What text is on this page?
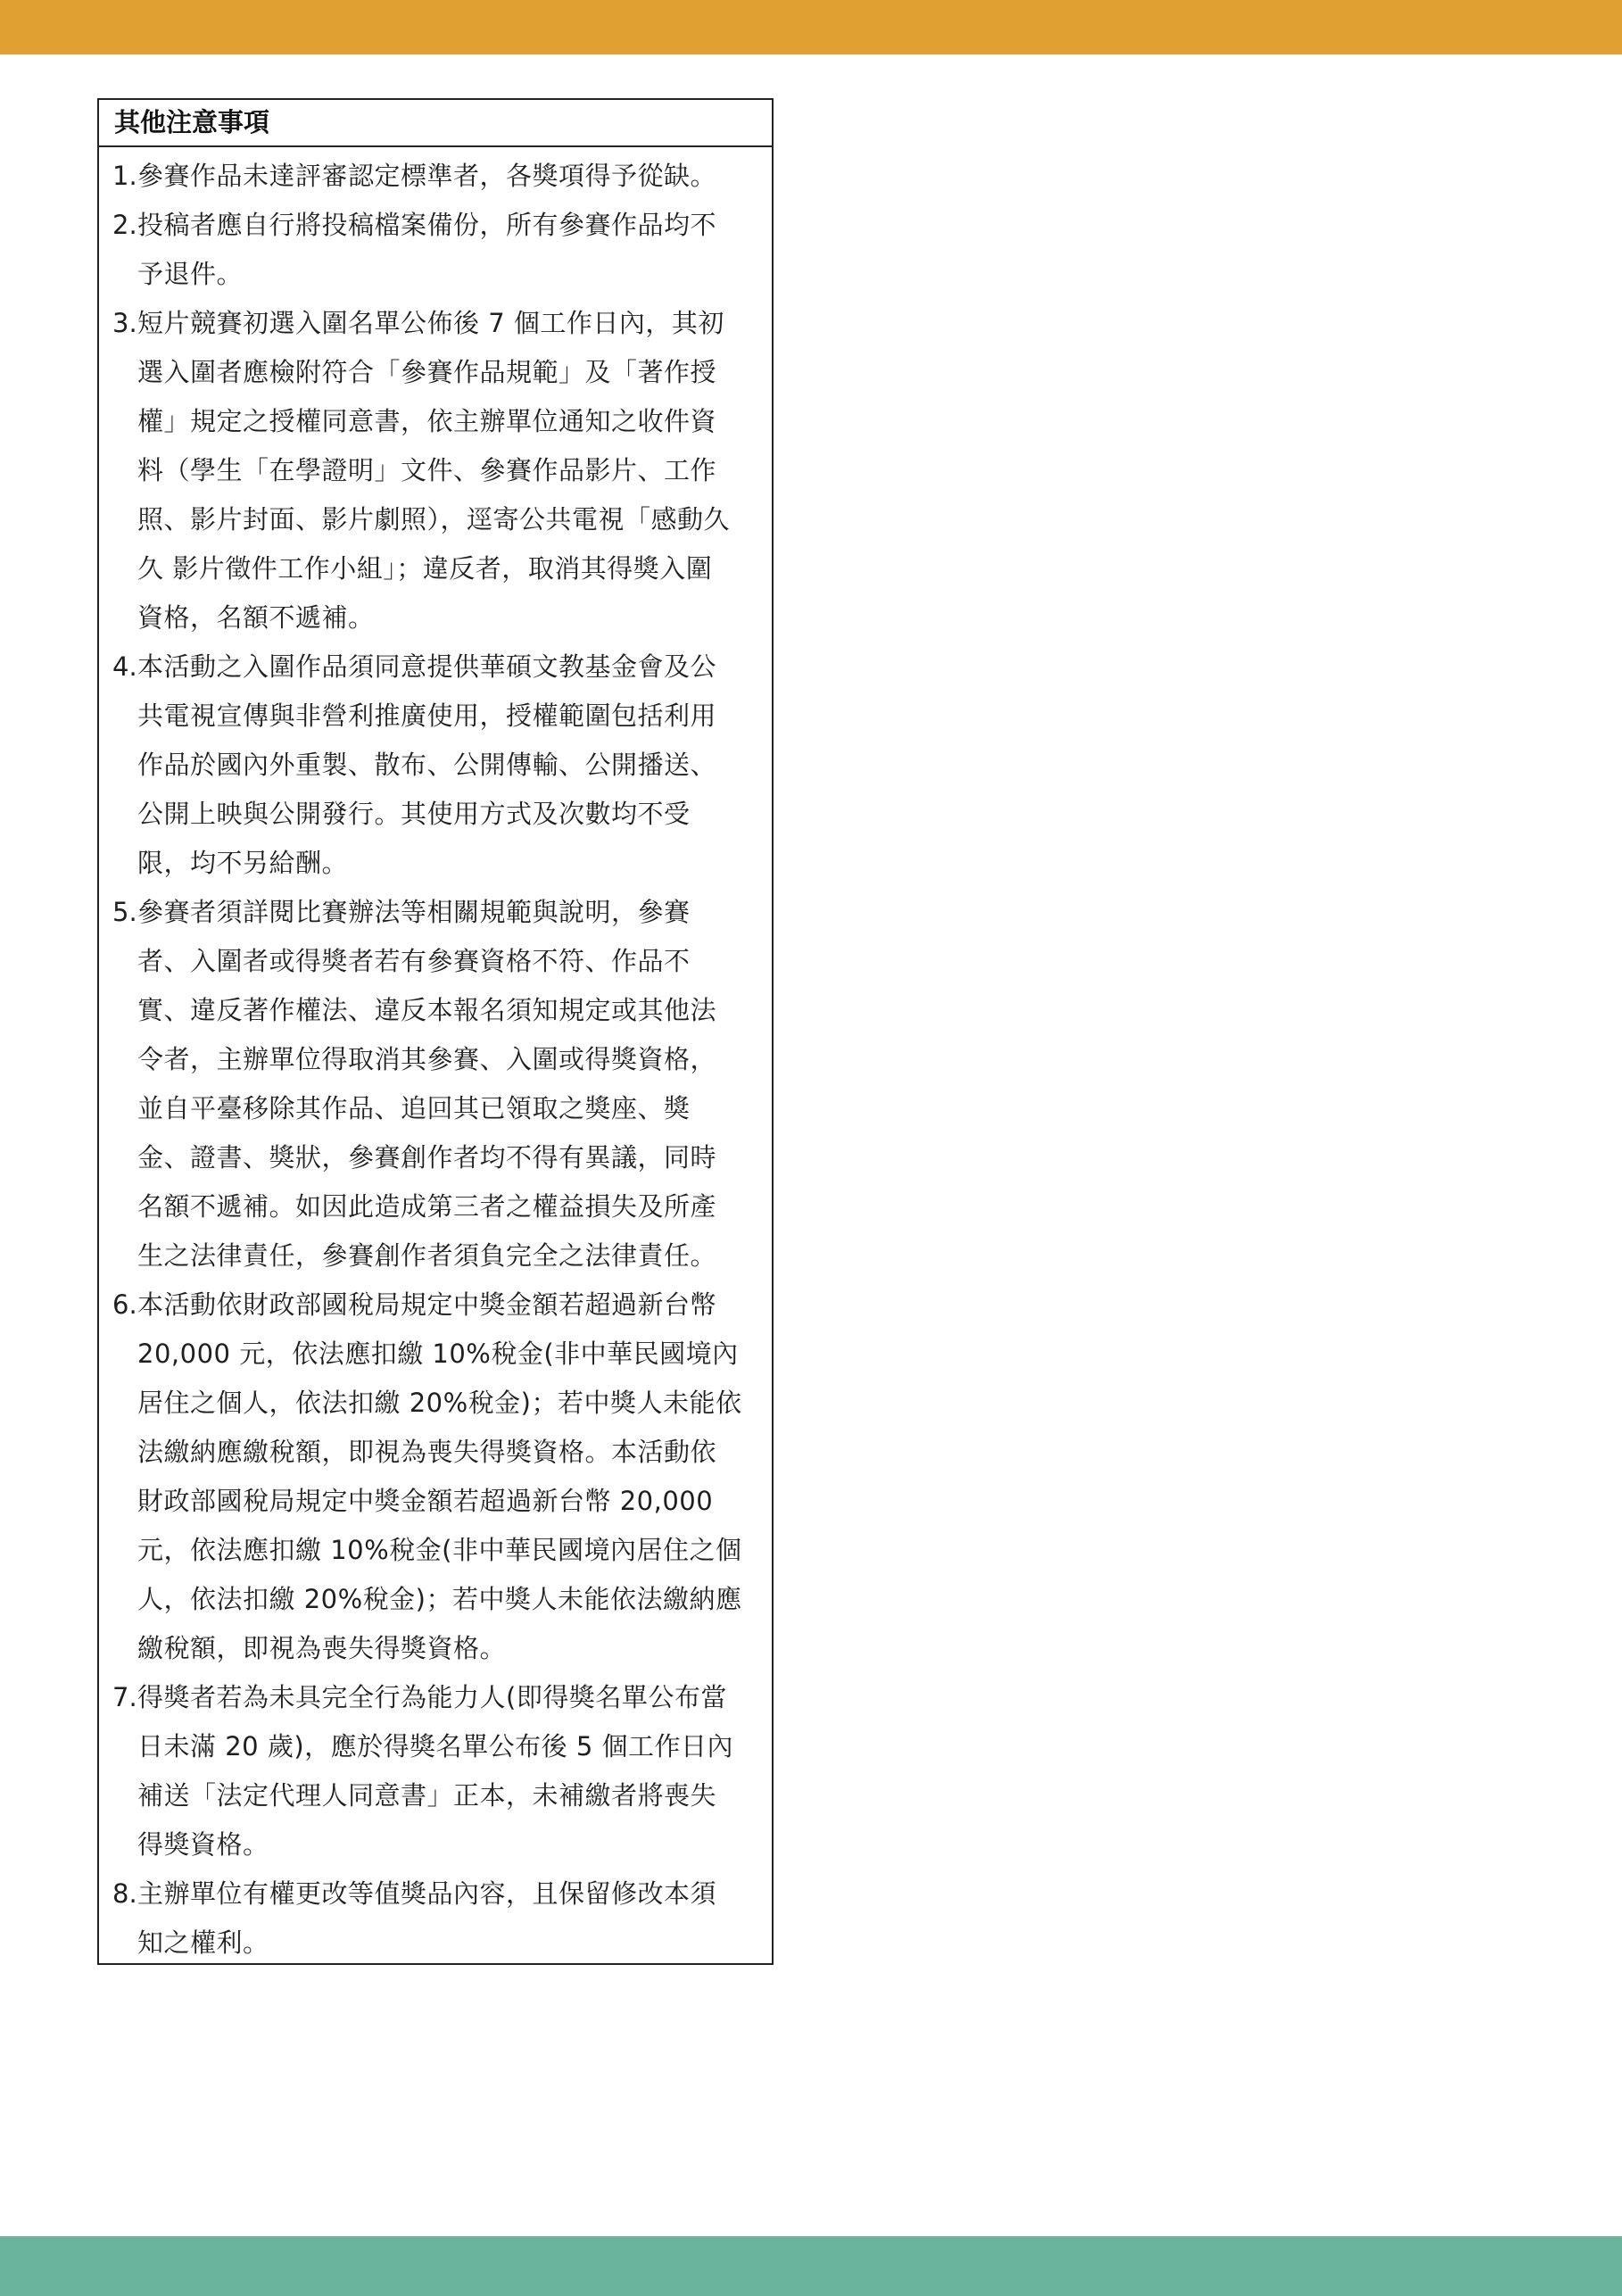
其他注意事項
1. 參賽作品未達評審認定標準者，各獎項得予從缺。
2. 投稿者應自行將投稿檔案備份，所有參賽作品均不
予退件。
3. 短片競賽初選入圍名單公佈後 7 個工作日內，其初
選入圍者應檢附符合「參賽作品規範」及「著作授
權」規定之授權同意書，依主辦單位通知之收件資
料（學生「在學證明」文件、參賽作品影片、工作
照、影片封面、影片劇照），逕寄公共電視「感動久
久 影片徵件工作小組」；違反者，取消其得獎入圍
資格，名額不遞補。
4. 本活動之入圍作品須同意提供華碩文教基金會及公
共電視宣傳與非營利推廣使用，授權範圍包括利用
作品於國內外重製、散布、公開傳輸、公開播送、
公開上映與公開發行。其使用方式及次數均不受
限，均不另給酬。
5. 參賽者須詳閱比賽辦法等相關規範與說明，參賽
者、入圍者或得獎者若有參賽資格不符、作品不
實、違反著作權法、違反本報名須知規定或其他法
令者，主辦單位得取消其參賽、入圍或得獎資格，
並自平臺移除其作品、追回其已領取之獎座、獎
金、證書、獎狀，參賽創作者均不得有異議，同時
名額不遞補。如因此造成第三者之權益損失及所產
生之法律責任，參賽創作者須負完全之法律責任。
6. 本活動依財政部國稅局規定中獎金額若超過新台幣
20,000 元，依法應扣繳 10%稅金(非中華民國境內
居住之個人，依法扣繳 20%稅金)；若中獎人未能依
法繳納應繳稅額，即視為喪失得獎資格。本活動依
財政部國稅局規定中獎金額若超過新台幣 20,000
元，依法應扣繳 10%稅金(非中華民國境內居住之個
人，依法扣繳 20%稅金)；若中獎人未能依法繳納應
繳稅額，即視為喪失得獎資格。
7. 得獎者若為未具完全行為能力人(即得獎名單公布當
日未滿 20 歲)，應於得獎名單公布後 5 個工作日內
補送「法定代理人同意書」正本，未補繳者將喪失
得獎資格。
8. 主辦單位有權更改等值獎品內容，且保留修改本須
知之權利。
